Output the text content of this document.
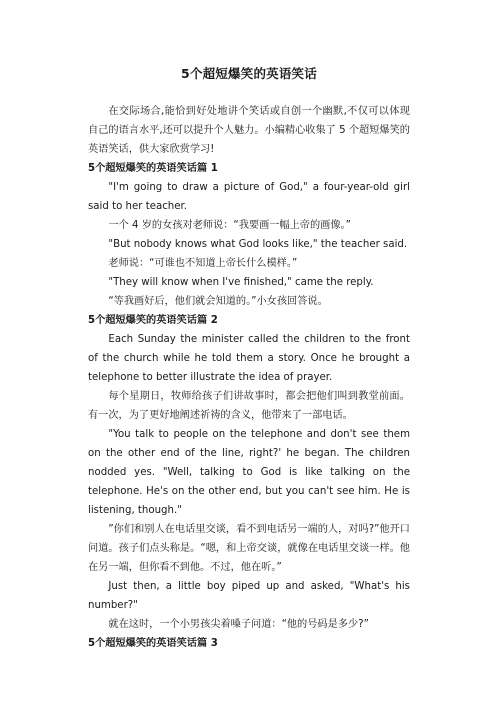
5个超短爆笑的英语笑话

在交际场合,能恰到好处地讲个笑话或自创一个幽默,不仅可以体现自己的语言水平,还可以提升个人魅力。小编精心收集了 5 个超短爆笑的英语笑话，供大家欣赏学习!

5个超短爆笑的英语笑话篇 1

"I'm going to draw a picture of God," a four-year-old girl said to her teacher.

一个 4 岁的女孩对老师说：“我要画一幅上帝的画像。”

"But nobody knows what God looks like," the teacher said.

老师说：“可谁也不知道上帝长什么模样。”

"They will know when I've finished," came the reply.

“等我画好后，他们就会知道的。”小女孩回答说。

5个超短爆笑的英语笑话篇 2

Each Sunday the minister called the children to the front of the church while he told them a story. Once he brought a telephone to better illustrate the idea of prayer.

每个星期日，牧师给孩子们讲故事时，都会把他们叫到教堂前面。有一次，为了更好地阐述祈祷的含义，他带来了一部电话。

"You talk to people on the telephone and don't see them on the other end of the line, right?' he began. The children nodded yes. "Well, talking to God is like talking on the telephone. He's on the other end, but you can't see him. He is listening, though."

”你们和别人在电话里交谈，看不到电话另一端的人，对吗?”他开口问道。孩子们点头称是。“嗯，和上帝交谈，就像在电话里交谈一样。他在另一端，但你看不到他。不过，他在听。”

Just then, a little boy piped up and asked, "What's his number?"

就在这时，一个小男孩尖着嗓子问道：“他的号码是多少?”

5个超短爆笑的英语笑话篇 3
